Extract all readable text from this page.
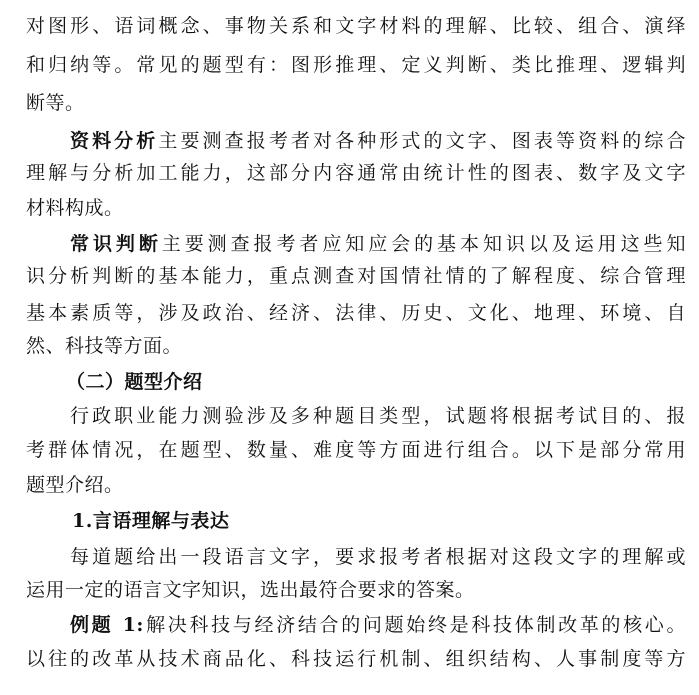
对图形、语词概念、事物关系和文字材料的理解、比较、组合、演绎
和归纳等。常见的题型有：图形推理、定义判断、类比推理、逻辑判
断等。
资料分析主要测查报考者对各种形式的文字、图表等资料的综合
理解与分析加工能力，这部分内容通常由统计性的图表、数字及文字
材料构成。
常识判断主要测查报考者应知应会的基本知识以及运用这些知
识分析判断的基本能力，重点测查对国情社情的了解程度、综合管理
基本素质等，涉及政治、经济、法律、历史、文化、地理、环境、自
然、科技等方面。
（二）题型介绍
行政职业能力测验涉及多种题目类型，试题将根据考试目的、报
考群体情况，在题型、数量、难度等方面进行组合。以下是部分常用
题型介绍。
1.言语理解与表达
每道题给出一段语言文字，要求报考者根据对这段文字的理解或
运用一定的语言文字知识，选出最符合要求的答案。
例题 1:解决科技与经济结合的问题始终是科技体制改革的核心。
以往的改革从技术商品化、科技运行机制、组织结构、人事制度等方
